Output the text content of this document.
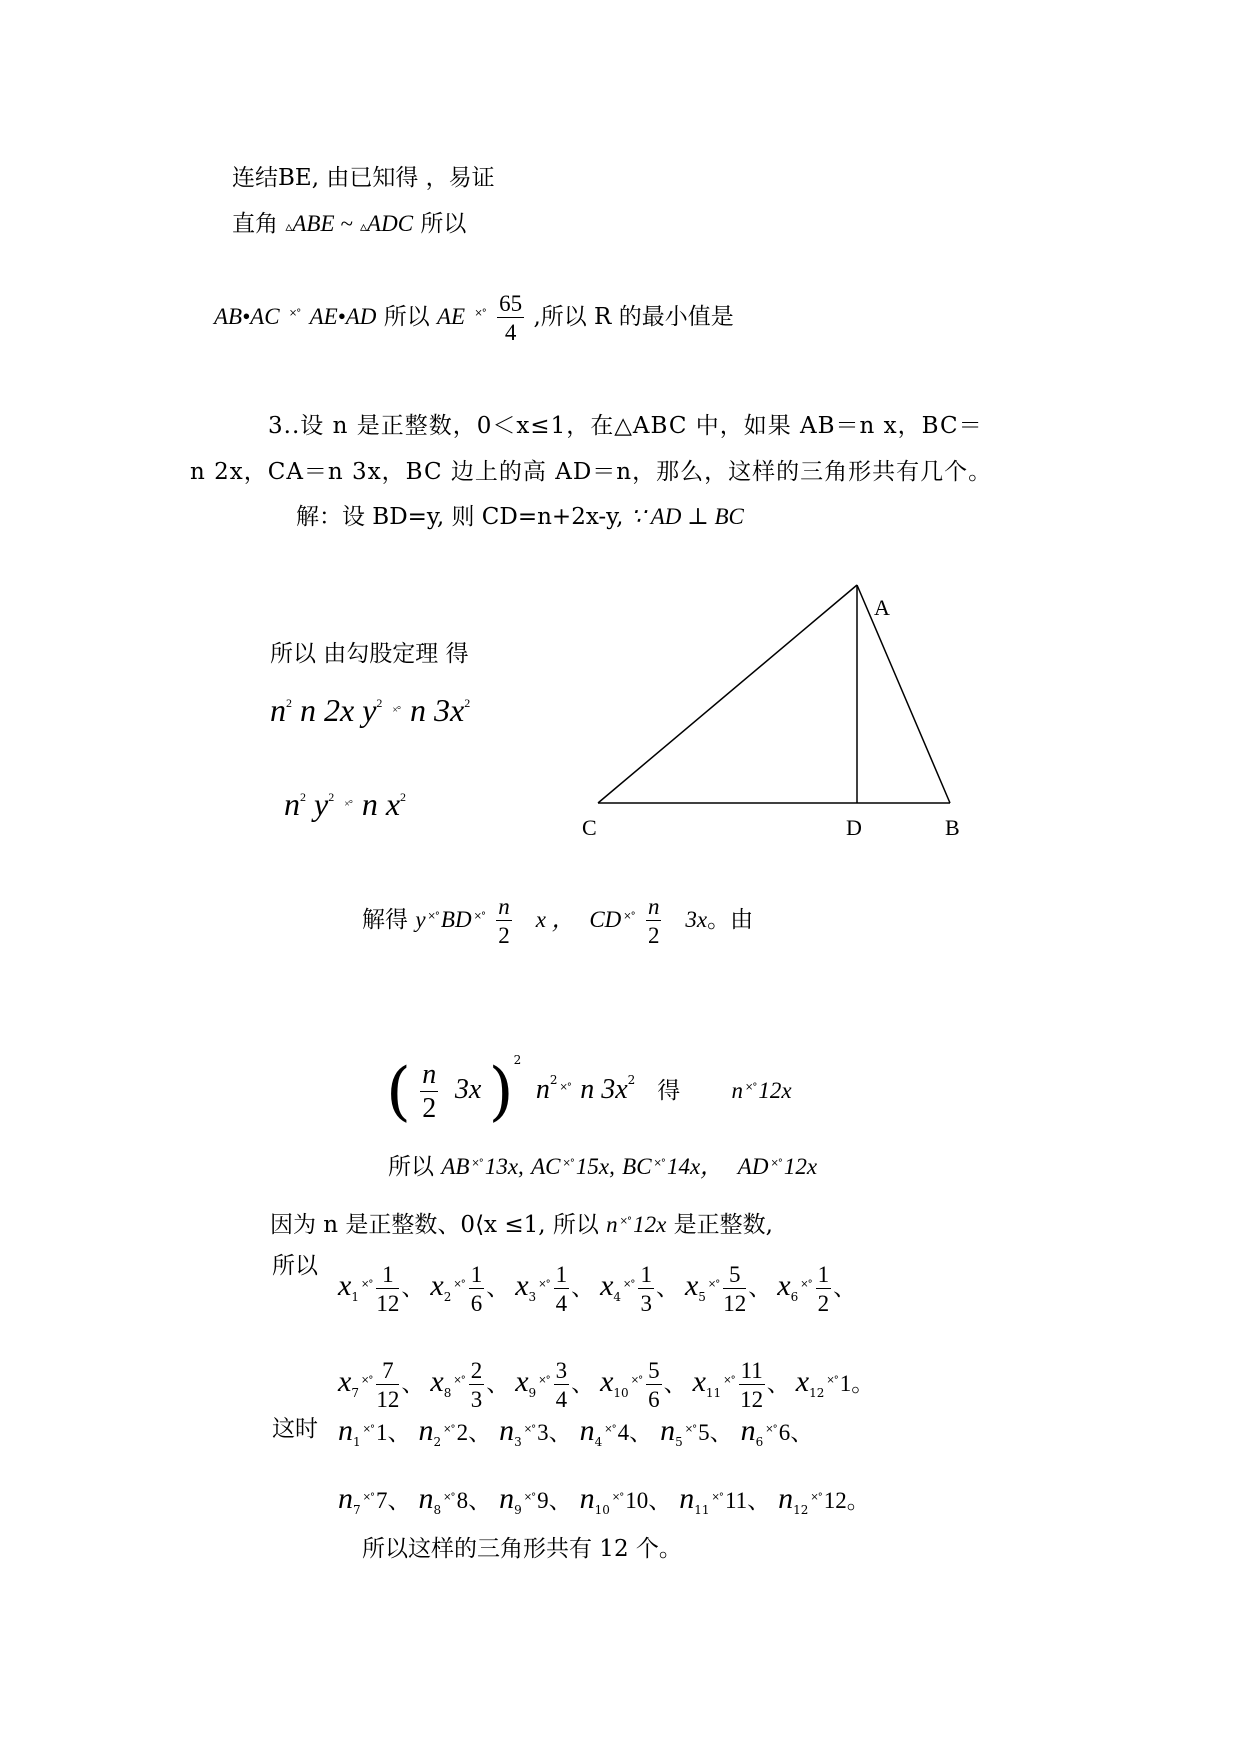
连结BE, 由已知得 ，易证
直角 ▵ABE ~ ▵ADC 所以
AB•AC ×° AE•AD 所以 AE $^{\times^\circ} \frac{65}{4}$ ,所以 R 的最小值是
3..设 n 是正整数，0＜x≤1，在△ABC 中，如果 AB＝n x，BC＝
n 2x，CA＝n 3x，BC 边上的高 AD＝n，那么，这样的三角形共有几个。
解：设 BD=y, 则 CD=n+2x-y, ∵ AD ⊥ BC
所以 由勾股定理 得
$n^2$ n 2x $y^2$ ×° n $3x^2$
$n^2$ $y^2$ ×° n $x^2$
A
C	D	B
解得 y ×°BD $^{\times^\circ} \frac{n}{2}$ x ， CD $^{\times^\circ} \frac{n}{2} 3x$。由
( $\frac{n}{2} 3x$ )$^2$  $n^{2\times^\circ}$ n $3x^2$ 得 n ×°12x
所以 AB ×°13x, AC ×°15x, BC ×°14x， AD ×°12x
因为 n 是正整数、0⟨x ≤1, 所以 n ×°12x 是正整数,
所以
$x_1^{\times^\circ} \frac{1}{12}$ 、 $x_2^{\times^\circ} \frac{1}{6}$ 、 $x_3^{\times^\circ} \frac{1}{4}$ 、 $x_4^{\times^\circ} \frac{1}{3}$ 、 $x_5^{\times^\circ} \frac{5}{12}$ 、 $x_6^{\times^\circ} \frac{1}{2}$ 、
$x_7^{\times^\circ} \frac{7}{12}$ 、 $x_8^{\times^\circ} \frac{2}{3}$ 、 $x_9^{\times^\circ} \frac{3}{4}$ 、 $x_{10}^{\times^\circ} \frac{5}{6}$ 、 $x_{11}^{\times^\circ} \frac{11}{12}$ 、 $x_{12}^{\times^\circ}1$。
这时 $n_1^{\times^\circ}1$、 $n_2^{\times^\circ}2$、 $n_3^{\times^\circ}3$、 $n_4^{\times^\circ}4$、 $n_5^{\times^\circ}5$、 $n_6^{\times^\circ}6$、
$n_7^{\times^\circ}7$、 $n_8^{\times^\circ}8$、 $n_9^{\times^\circ}9$、 $n_{10}^{\times^\circ}10$、 $n_{11}^{\times^\circ}11$、 $n_{12}^{\times^\circ}12$。
所以这样的三角形共有 12 个。
